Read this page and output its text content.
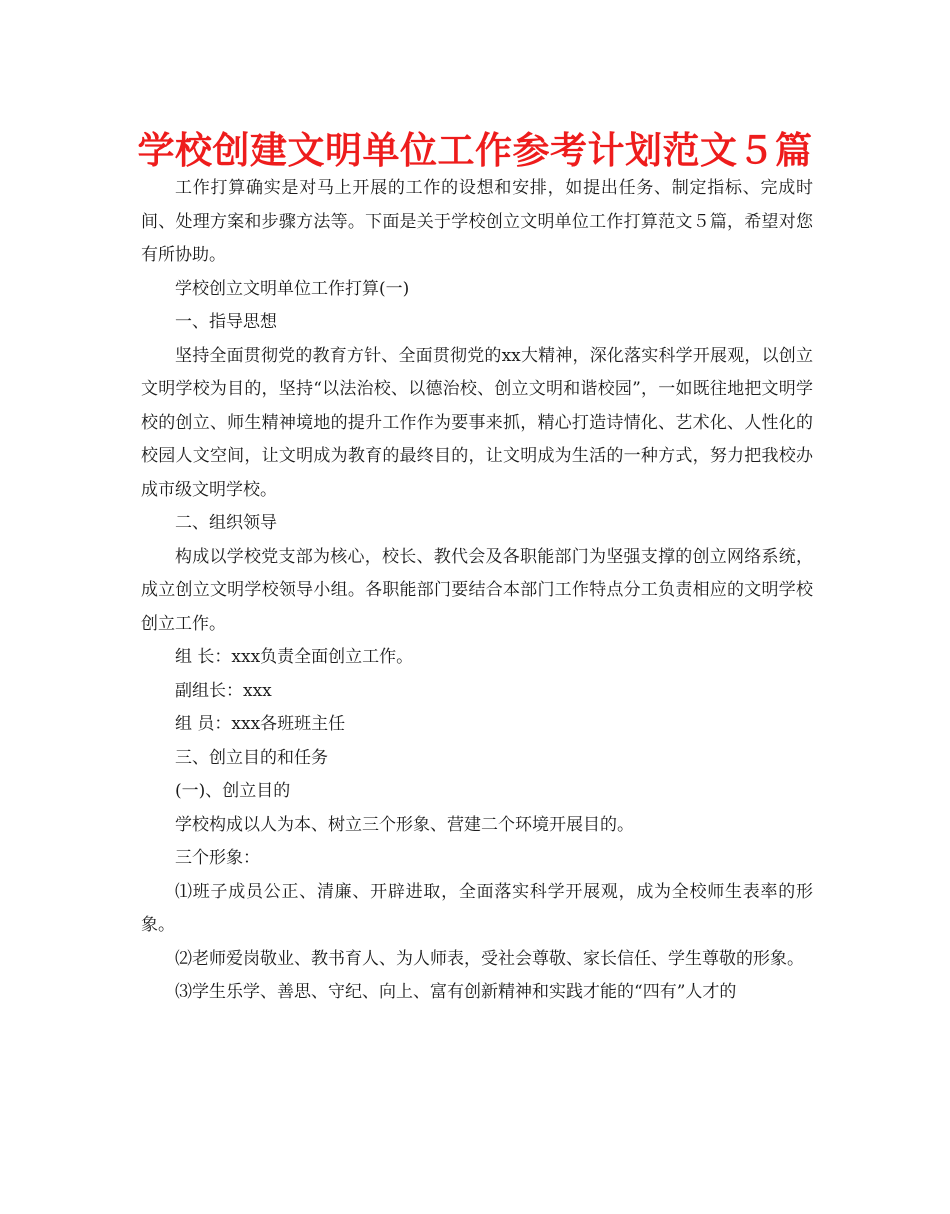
学校创建文明单位工作参考计划范文５篇

工作打算确实是对马上开展的工作的设想和安排，如提出任务、制定指标、完成时间、处理方案和步骤方法等。下面是关于学校创立文明单位工作打算范文５篇，希望对您有所协助。

学校创立文明单位工作打算(一)

一、指导思想

坚持全面贯彻党的教育方针、全面贯彻党的xx大精神，深化落实科学开展观，以创立文明学校为目的，坚持“以法治校、以德治校、创立文明和谐校园”，一如既往地把文明学校的创立、师生精神境地的提升工作作为要事来抓，精心打造诗情化、艺术化、人性化的校园人文空间，让文明成为教育的最终目的，让文明成为生活的一种方式，努力把我校办成市级文明学校。

二、组织领导

构成以学校党支部为核心，校长、教代会及各职能部门为坚强支撑的创立网络系统，成立创立文明学校领导小组。各职能部门要结合本部门工作特点分工负责相应的文明学校创立工作。

组 长：xxx负责全面创立工作。

副组长：xxx

组 员：xxx各班班主任

三、创立目的和任务

(一)、创立目的

学校构成以人为本、树立三个形象、营建二个环境开展目的。

三个形象：

⑴班子成员公正、清廉、开辟进取，全面落实科学开展观，成为全校师生表率的形象。

⑵老师爱岗敬业、教书育人、为人师表，受社会尊敬、家长信任、学生尊敬的形象。

⑶学生乐学、善思、守纪、向上、富有创新精神和实践才能的“四有”人才的
